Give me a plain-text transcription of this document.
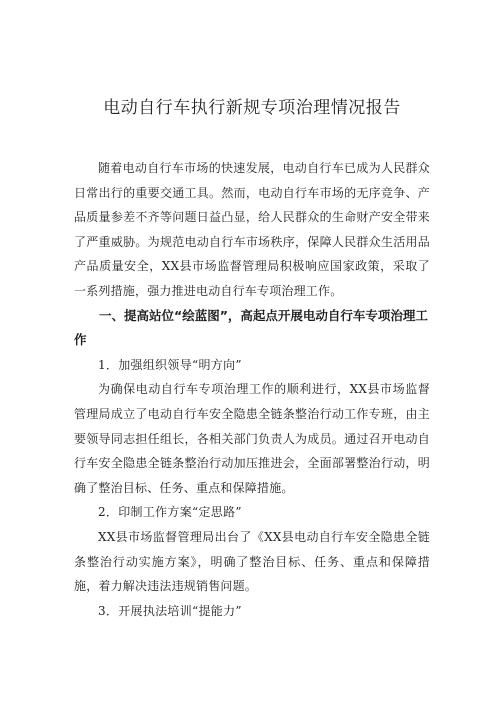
电动自行车执行新规专项治理情况报告

随着电动自行车市场的快速发展，电动自行车已成为人民群众日常出行的重要交通工具。然而，电动自行车市场的无序竞争、产品质量参差不齐等问题日益凸显，给人民群众的生命财产安全带来了严重威胁。为规范电动自行车市场秩序，保障人民群众生活用品产品质量安全，XX县市场监督管理局积极响应国家政策，采取了一系列措施，强力推进电动自行车专项治理工作。

一、提高站位“绘蓝图”，高起点开展电动自行车专项治理工作

1．加强组织领导“明方向”

为确保电动自行车专项治理工作的顺利进行，XX县市场监督管理局成立了电动自行车安全隐患全链条整治行动工作专班，由主要领导同志担任组长，各相关部门负责人为成员。通过召开电动自行车安全隐患全链条整治行动加压推进会，全面部署整治行动，明确了整治目标、任务、重点和保障措施。

2．印制工作方案“定思路”

XX县市场监督管理局出台了《XX县电动自行车安全隐患全链条整治行动实施方案》，明确了整治目标、任务、重点和保障措施，着力解决违法违规销售问题。

3．开展执法培训“提能力”
